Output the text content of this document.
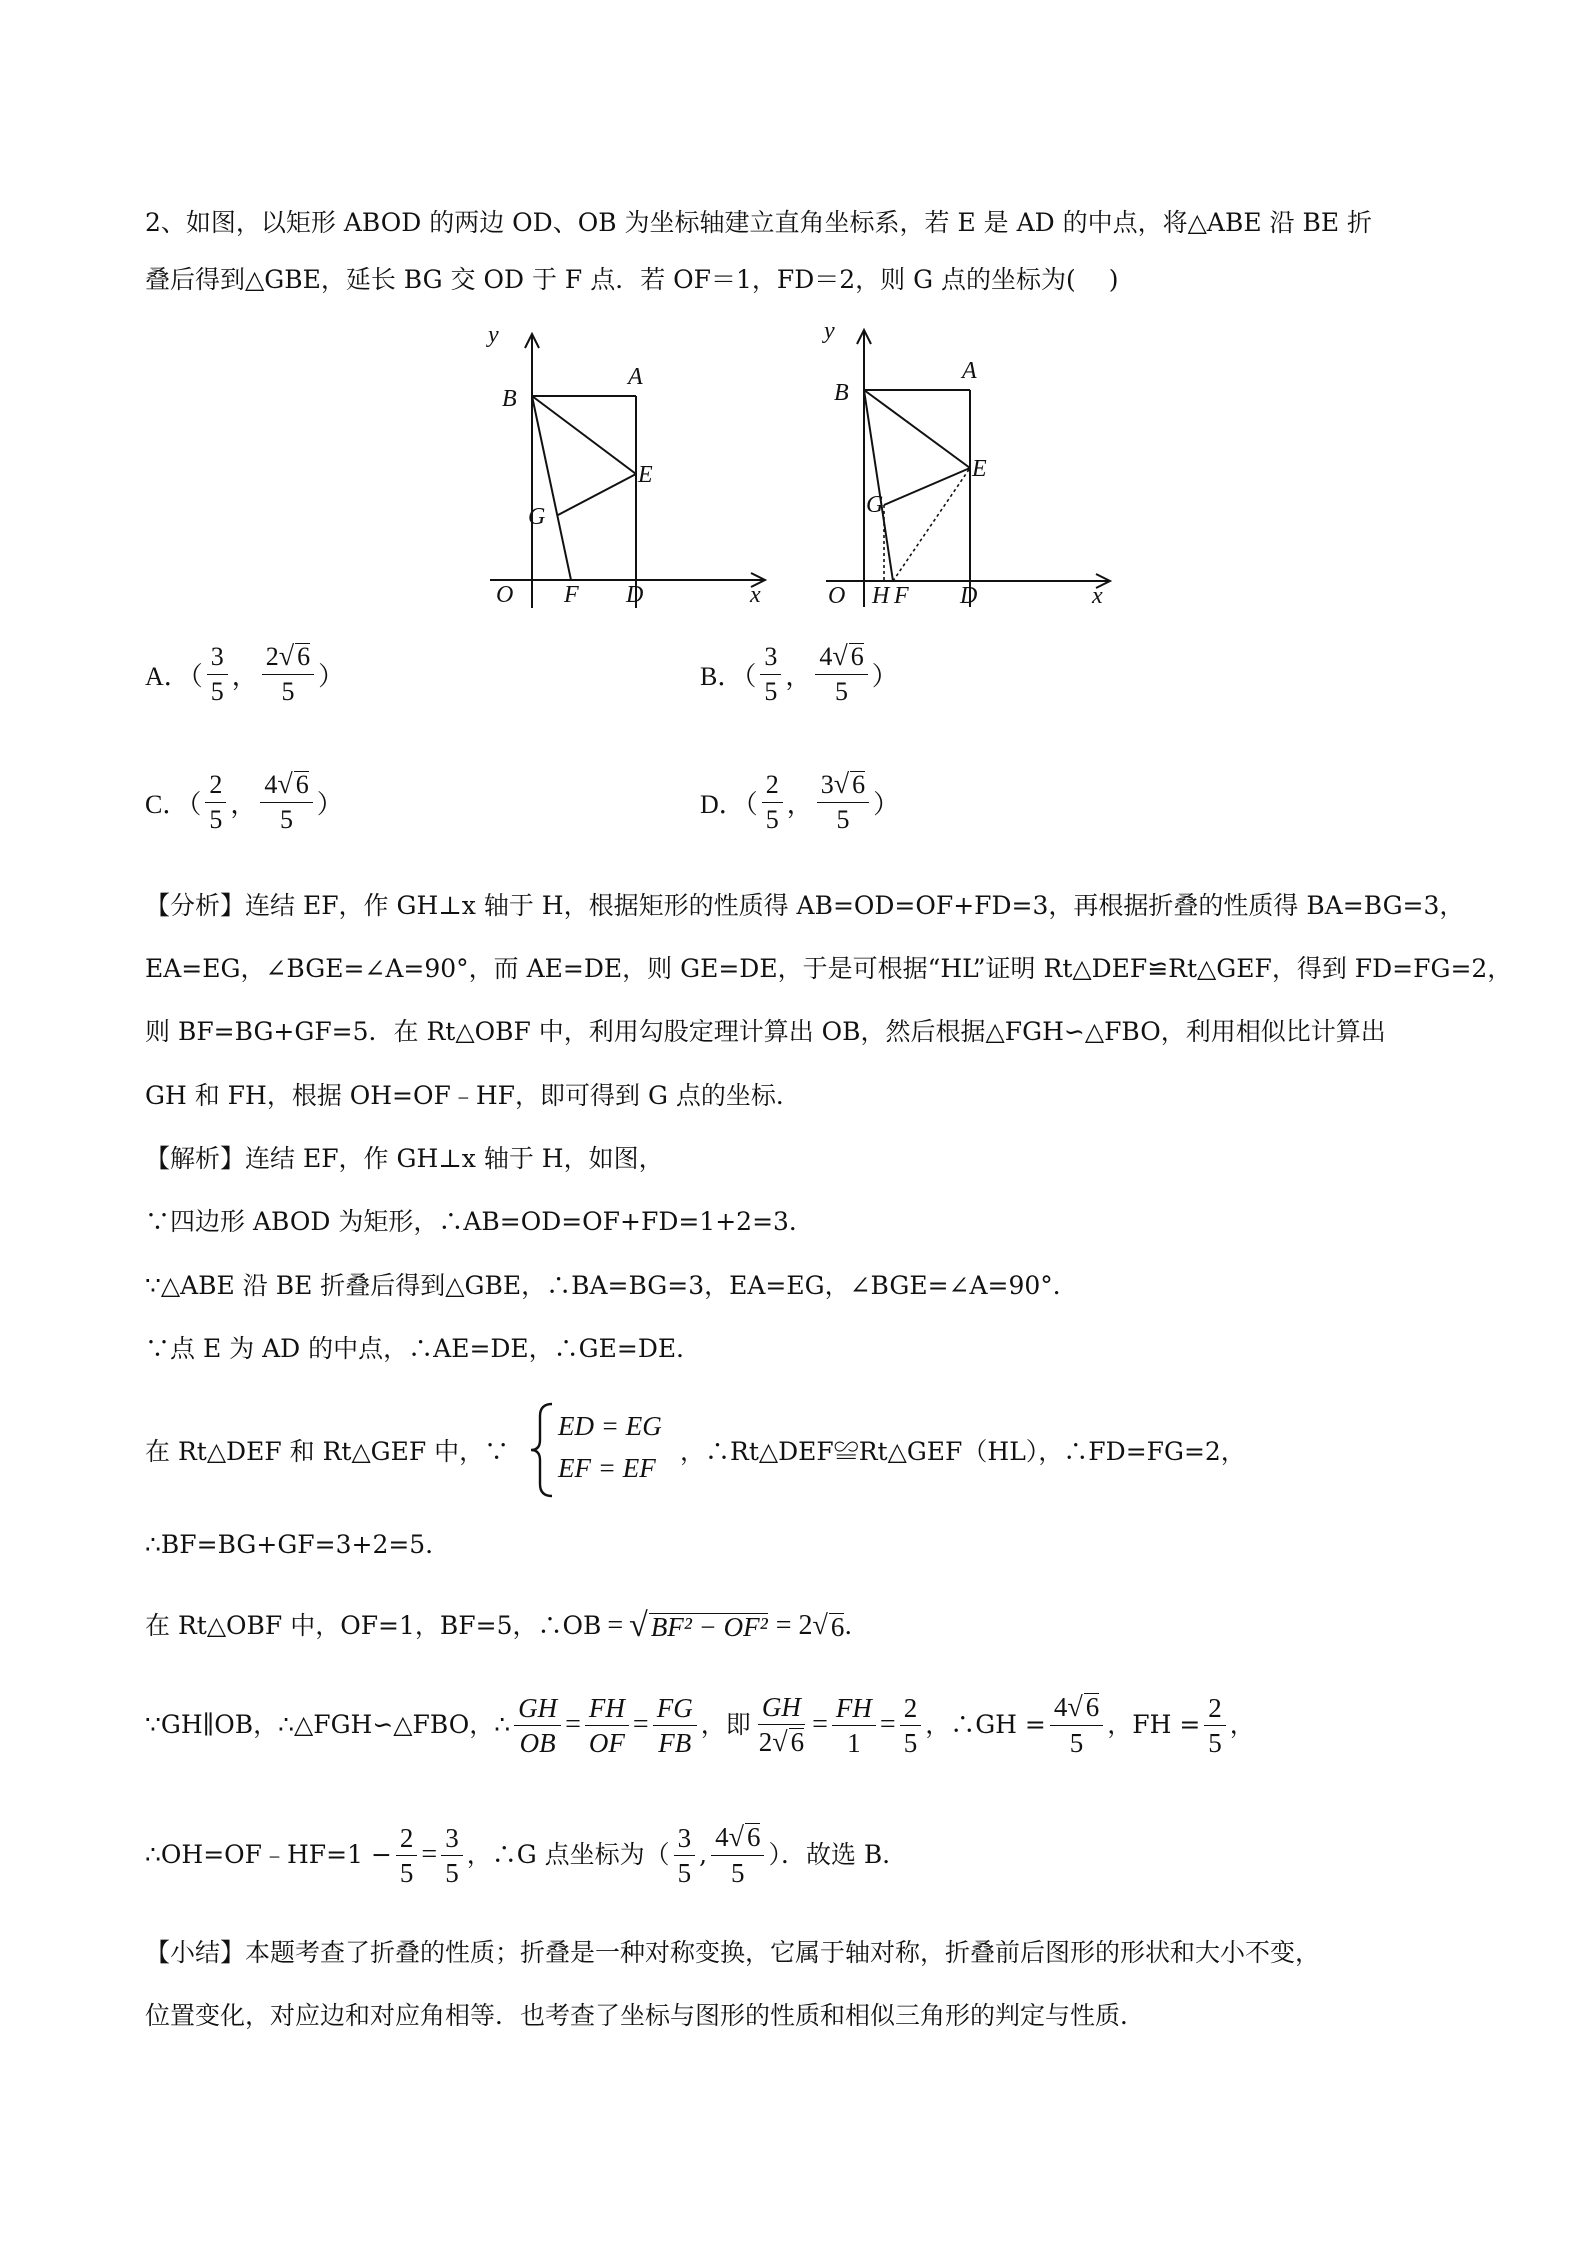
2、如图，以矩形 ABOD 的两边 OD、OB 为坐标轴建立直角坐标系，若 E 是 AD 的中点，将△ABE 沿 BE 折
叠后得到△GBE，延长 BG 交 OD 于 F 点．若 OF＝1，FD＝2，则 G 点的坐标为(　 )
y
B
A
E
G
O F D	x
y
B
A
E
G
O H F D	x
A．（ $\frac{3}{5}$ ， $\frac{2√ 6}{5}$ ）	B．（ $\frac{3}{5}$ ， $\frac{4√ 6}{5}$ ）
C．（ $\frac{2}{5}$ ， $\frac{4√ 6}{5}$ ）	D．（ $\frac{2}{5}$ ， $\frac{3√ 6}{5}$ ）
【分析】连结 EF，作 GH⊥x 轴于 H，根据矩形的性质得 AB=OD=OF+FD=3，再根据折叠的性质得 BA=BG=3，
EA=EG，∠BGE=∠A=90°，而 AE=DE，则 GE=DE，于是可根据“HL”证明 Rt△DEF≌Rt△GEF，得到 FD=FG=2，
则 BF=BG+GF=5．在 Rt△OBF 中，利用勾股定理计算出 OB，然后根据△FGH∽△FBO，利用相似比计算出
GH 和 FH，根据 OH=OF﹣HF，即可得到 G 点的坐标．
【解析】连结 EF，作 GH⊥x 轴于 H，如图，
∵四边形 ABOD 为矩形，∴AB=OD=OF+FD=1+2=3．
∵△ABE 沿 BE 折叠后得到△GBE，∴BA=BG=3，EA=EG，∠BGE=∠A=90°．
∵点 E 为 AD 的中点，∴AE=DE，∴GE=DE．
在 Rt△DEF 和 Rt△GEF 中，∵
ED = EG
EF = EF
，∴Rt△DEF≌Rt△GEF（HL），∴FD=FG=2，
∴BF=BG+GF=3+2=5．
在 Rt△OBF 中，OF=1，BF=5，∴OB = √ BF² − OF² = 2 √ 6 ．
∵GH∥OB，∴△FGH∽△FBO，∴ $\frac{GH}{OB} = \frac{FH}{OF} = \frac{FG}{FB}$ ，即 $\frac{GH}{2√ 6} = \frac{FH}{1} = \frac{2}{5}$ ，∴GH = $\frac{4√ 6}{5}$ ，FH = $\frac{2}{5}$ ，
∴OH=OF﹣HF=1 − $\frac{2}{5} = \frac{3}{5}$ ，∴G 点坐标为（ $\frac{3}{5}$ , $\frac{4√ 6}{5}$ ）．故选 B．
【小结】本题考查了折叠的性质；折叠是一种对称变换，它属于轴对称，折叠前后图形的形状和大小不变，
位置变化，对应边和对应角相等．也考查了坐标与图形的性质和相似三角形的判定与性质．
